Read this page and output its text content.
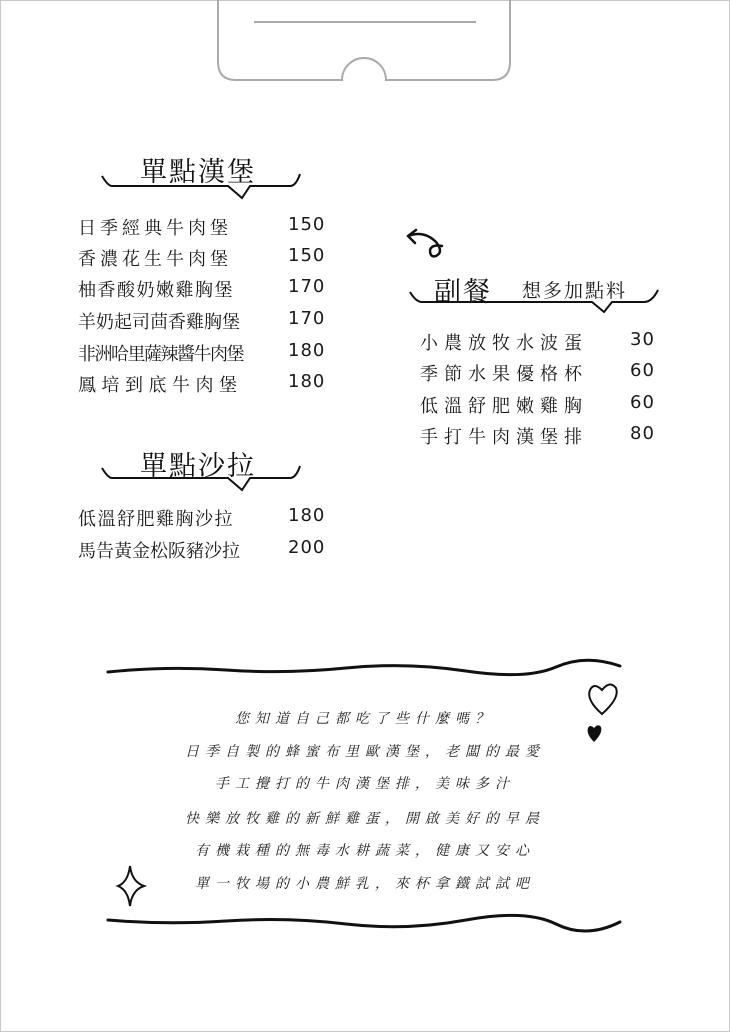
單點漢堡
日季經典牛肉堡	150
香濃花生牛肉堡	150
柚香酸奶嫩雞胸堡	170
羊奶起司茴香雞胸堡	170
非洲哈里薩辣醬牛肉堡	180
鳳培到底牛肉堡	180
單點沙拉
低溫舒肥雞胸沙拉	180
馬告黃金松阪豬沙拉	200
副餐 想多加點料
小農放牧水波蛋 30
季節水果優格杯 60
低溫舒肥嫩雞胸 60
手打牛肉漢堡排 80
您知道自己都吃了些什麼嗎？
日季自製的蜂蜜布里歐漢堡，老闆的最愛
手工攪打的牛肉漢堡排，美味多汁
快樂放牧雞的新鮮雞蛋，開啟美好的早晨
有機栽種的無毒水耕蔬菜，健康又安心
單一牧場的小農鮮乳，來杯拿鐵試試吧
